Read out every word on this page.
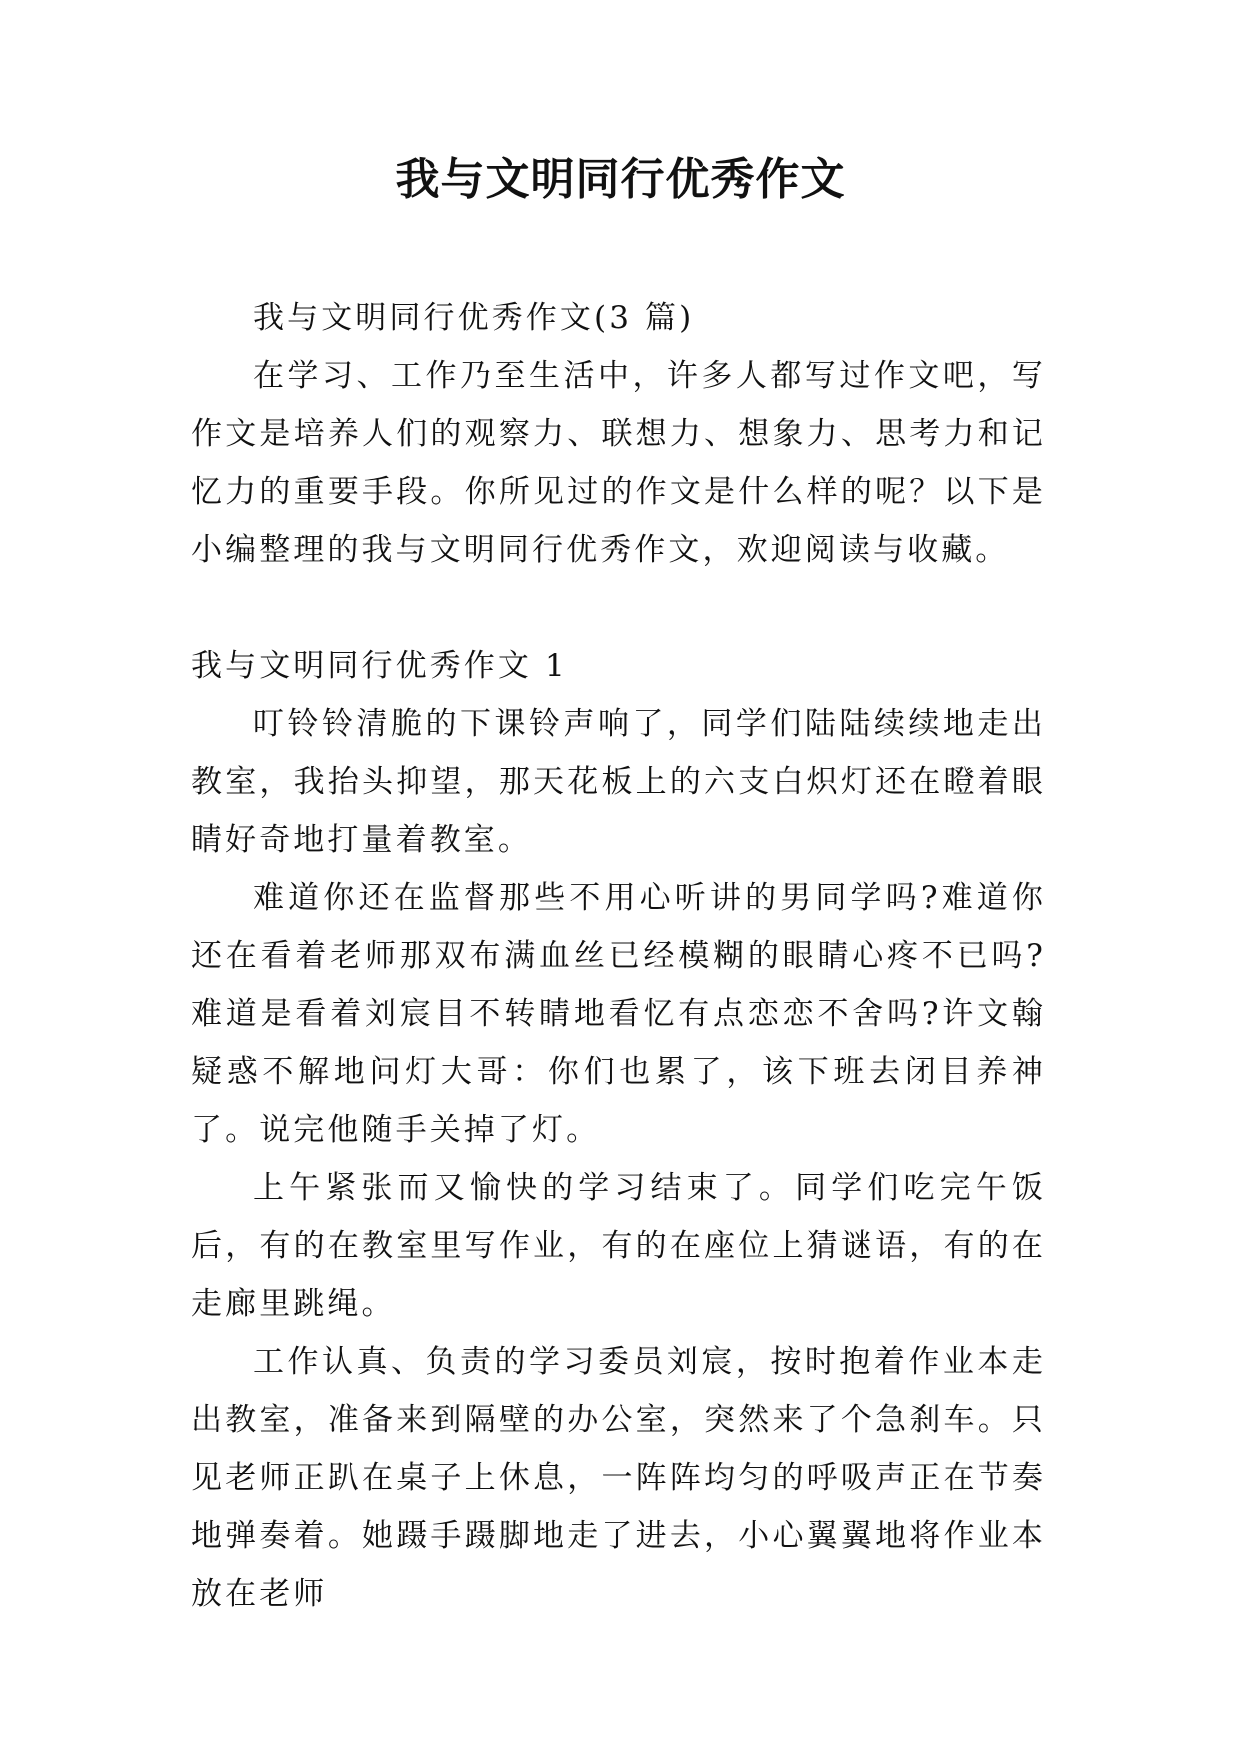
我与文明同行优秀作文

我与文明同行优秀作文(3 篇)

在学习、工作乃至生活中，许多人都写过作文吧，写作文是培养人们的观察力、联想力、想象力、思考力和记忆力的重要手段。你所见过的作文是什么样的呢？以下是小编整理的我与文明同行优秀作文，欢迎阅读与收藏。

我与文明同行优秀作文 1

叮铃铃清脆的下课铃声响了，同学们陆陆续续地走出教室，我抬头抑望，那天花板上的六支白炽灯还在瞪着眼睛好奇地打量着教室。

难道你还在监督那些不用心听讲的男同学吗?难道你还在看着老师那双布满血丝已经模糊的眼睛心疼不已吗?难道是看着刘宸目不转睛地看忆有点恋恋不舍吗?许文翰疑惑不解地问灯大哥：你们也累了，该下班去闭目养神了。说完他随手关掉了灯。

上午紧张而又愉快的学习结束了。同学们吃完午饭后，有的在教室里写作业，有的在座位上猜谜语，有的在走廊里跳绳。

工作认真、负责的学习委员刘宸，按时抱着作业本走出教室，准备来到隔壁的办公室，突然来了个急刹车。只见老师正趴在桌子上休息，一阵阵均匀的呼吸声正在节奏地弹奏着。她蹑手蹑脚地走了进去，小心翼翼地将作业本放在老师
